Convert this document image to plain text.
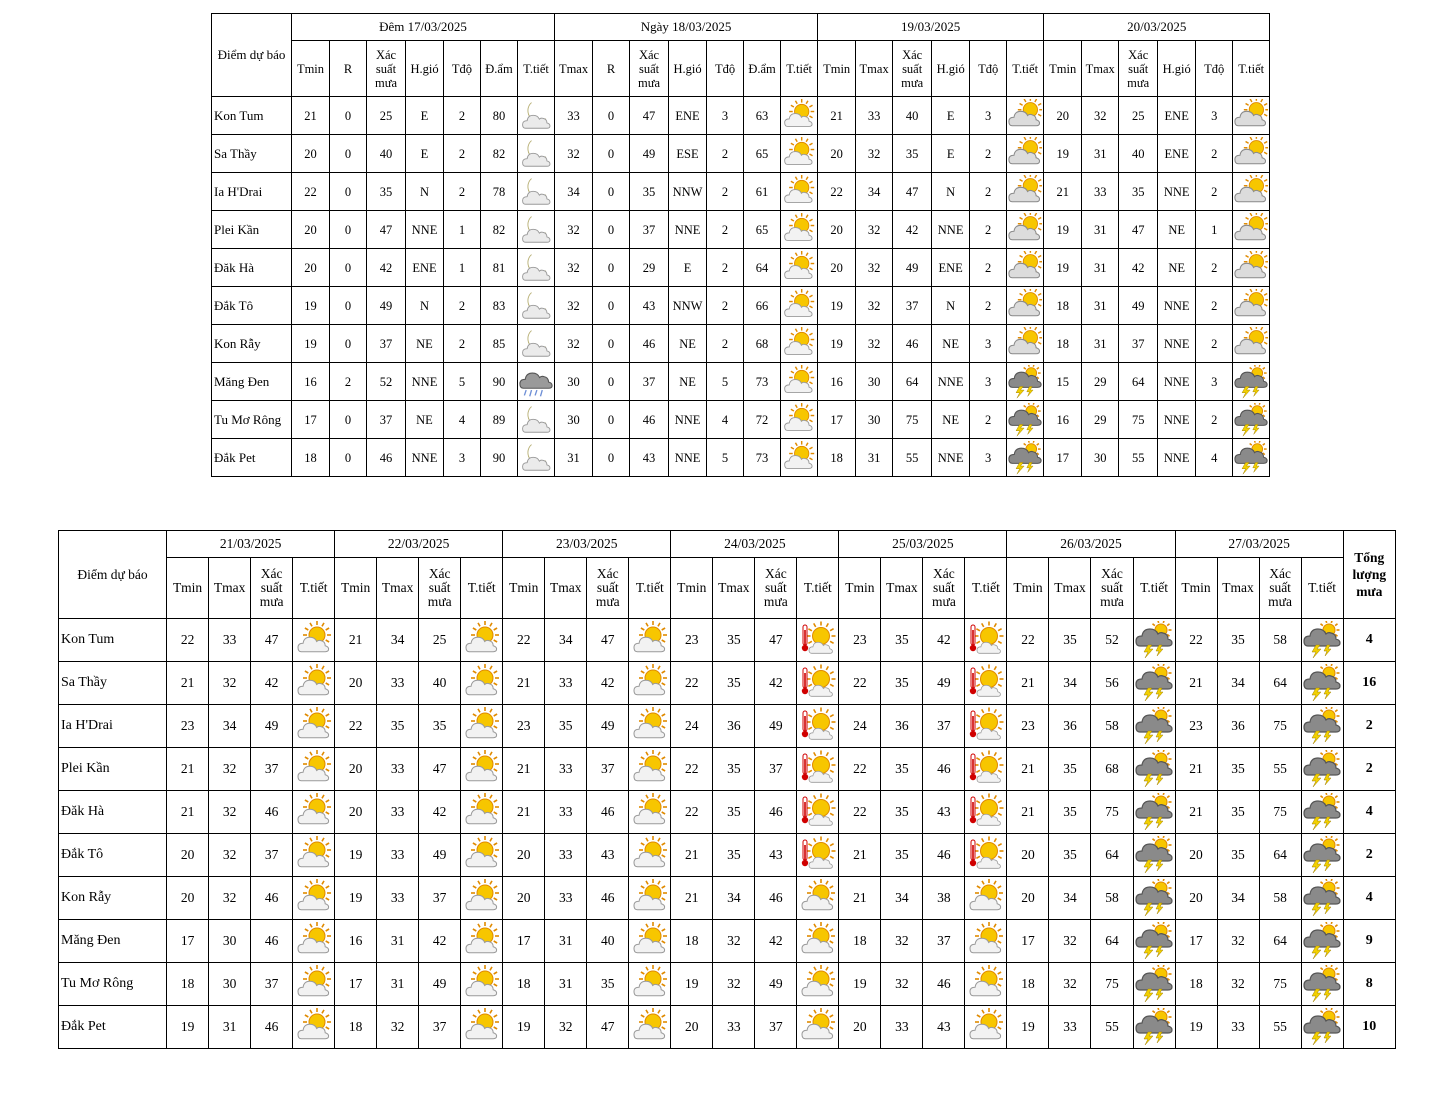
Điểm dự báo	Đêm 17/03/2025							Ngày 18/03/2025							19/03/2025						20/03/2025					
	Tmin	R	Xác suất mưa	H.gió	Tđộ	Đ.ẩm	T.tiết	Tmax	R	Xác suất mưa	H.gió	Tđộ	Đ.ẩm	T.tiết	Tmin	Tmax	Xác suất mưa	H.gió	Tđộ	T.tiết	Tmin	Tmax	Xác suất mưa	H.gió	Tđộ	T.tiết
Kon Tum	21	0	25	E	2	80		33	0	47	ENE	3	63		21	33	40	E	3		20	32	25	ENE	3	

Sa Thầy	20	0	40	E	2	82		32	0	49	ESE	2	65		20	32	35	E	2		19	31	40	ENE	2	

Ia H'Drai	22	0	35	N	2	78		34	0	35	NNW	2	61		22	34	47	N	2		21	33	35	NNE	2	

Plei Kần	20	0	47	NNE	1	82		32	0	37	NNE	2	65		20	32	42	NNE	2		19	31	47	NE	1	

Đăk Hà	20	0	42	ENE	1	81		32	0	29	E	2	64		20	32	49	ENE	2		19	31	42	NE	2	

Đắk Tô	19	0	49	N	2	83		32	0	43	NNW	2	66		19	32	37	N	2		18	31	49	NNE	2	

Kon Rẫy	19	0	37	NE	2	85		32	0	46	NE	2	68		19	32	46	NE	3		18	31	37	NNE	2	

Măng Đen	16	2	52	NNE	5	90		30	0	37	NE	5	73		16	30	64	NNE	3		15	29	64	NNE	3	

Tu Mơ Rông	17	0	37	NE	4	89		30	0	46	NNE	4	72		17	30	75	NE	2		16	29	75	NNE	2	

Đắk Pet	18	0	46	NNE	3	90		31	0	43	NNE	5	73		18	31	55	NNE	3		17	30	55	NNE	4	
Điểm dự báo	21/03/2025				22/03/2025				23/03/2025				24/03/2025				25/03/2025				26/03/2025				27/03/2025				Tổng lượng mưa
	Tmin	Tmax	Xác suất mưa	T.tiết	Tmin	Tmax	Xác suất mưa	T.tiết	Tmin	Tmax	Xác suất mưa	T.tiết	Tmin	Tmax	Xác suất mưa	T.tiết	Tmin	Tmax	Xác suất mưa	T.tiết	Tmin	Tmax	Xác suất mưa	T.tiết	Tmin	Tmax	Xác suất mưa	T.tiết	
Kon Tum	22	33	47		21	34	25		22	34	47		23	35	47		23	35	42		22	35	52		22	35	58		4
Sa Thầy	21	32	42		20	33	40		21	33	42		22	35	42		22	35	49		21	34	56		21	34	64		16
Ia H'Drai	23	34	49		22	35	35		23	35	49		24	36	49		24	36	37		23	36	58		23	36	75		2
Plei Kần	21	32	37		20	33	47		21	33	37		22	35	37		22	35	46		21	35	68		21	35	55		2
Đăk Hà	21	32	46		20	33	42		21	33	46		22	35	46		22	35	43		21	35	75		21	35	75		4
Đắk Tô	20	32	37		19	33	49		20	33	43		21	35	43		21	35	46		20	35	64		20	35	64		2
Kon Rẫy	20	32	46		19	33	37		20	33	46		21	34	46		21	34	38		20	34	58		20	34	58		4
Măng Đen	17	30	46		16	31	42		17	31	40		18	32	42		18	32	37		17	32	64		17	32	64		9
Tu Mơ Rông	18	30	37		17	31	49		18	31	35		19	32	49		19	32	46		18	32	75		18	32	75		8
Đắk Pet	19	31	46		18	32	37		19	32	47		20	33	37		20	33	43		19	33	55		19	33	55		10
